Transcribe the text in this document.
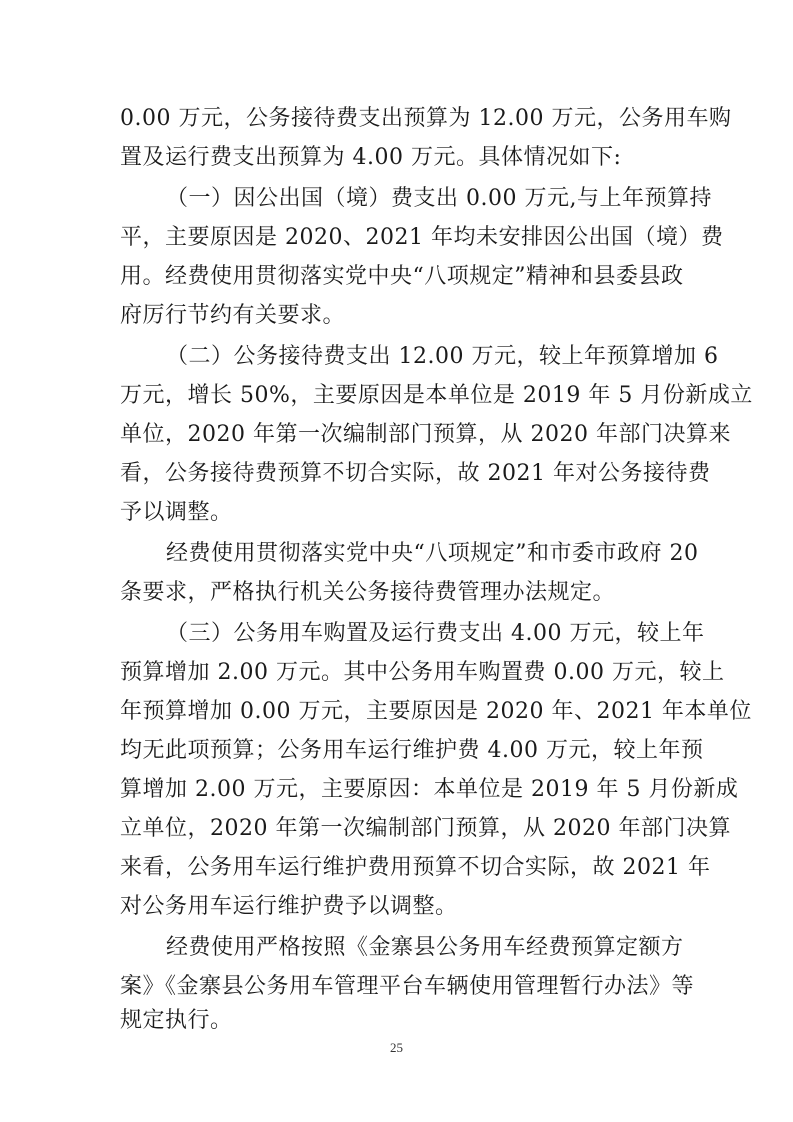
0.00 万元，公务接待费支出预算为 12.00 万元，公务用车购
置及运行费支出预算为 4.00 万元。具体情况如下:
（一）因公出国（境）费支出 0.00 万元,与上年预算持
平，主要原因是 2020、2021 年均未安排因公出国（境）费
用。经费使用贯彻落实党中央“八项规定”精神和县委县政
府厉行节约有关要求。
（二）公务接待费支出 12.00 万元，较上年预算增加 6
万元，增长 50%，主要原因是本单位是 2019 年 5 月份新成立
单位，2020 年第一次编制部门预算，从 2020 年部门决算来
看，公务接待费预算不切合实际，故 2021 年对公务接待费
予以调整。
经费使用贯彻落实党中央“八项规定”和市委市政府 20
条要求，严格执行机关公务接待费管理办法规定。
（三）公务用车购置及运行费支出 4.00 万元，较上年
预算增加 2.00 万元。其中公务用车购置费 0.00 万元，较上
年预算增加 0.00 万元，主要原因是 2020 年、2021 年本单位
均无此项预算；公务用车运行维护费 4.00 万元，较上年预
算增加 2.00 万元，主要原因：本单位是 2019 年 5 月份新成
立单位，2020 年第一次编制部门预算，从 2020 年部门决算
来看，公务用车运行维护费用预算不切合实际，故 2021 年
对公务用车运行维护费予以调整。
经费使用严格按照《金寨县公务用车经费预算定额方
案》《金寨县公务用车管理平台车辆使用管理暂行办法》等
规定执行。
25
